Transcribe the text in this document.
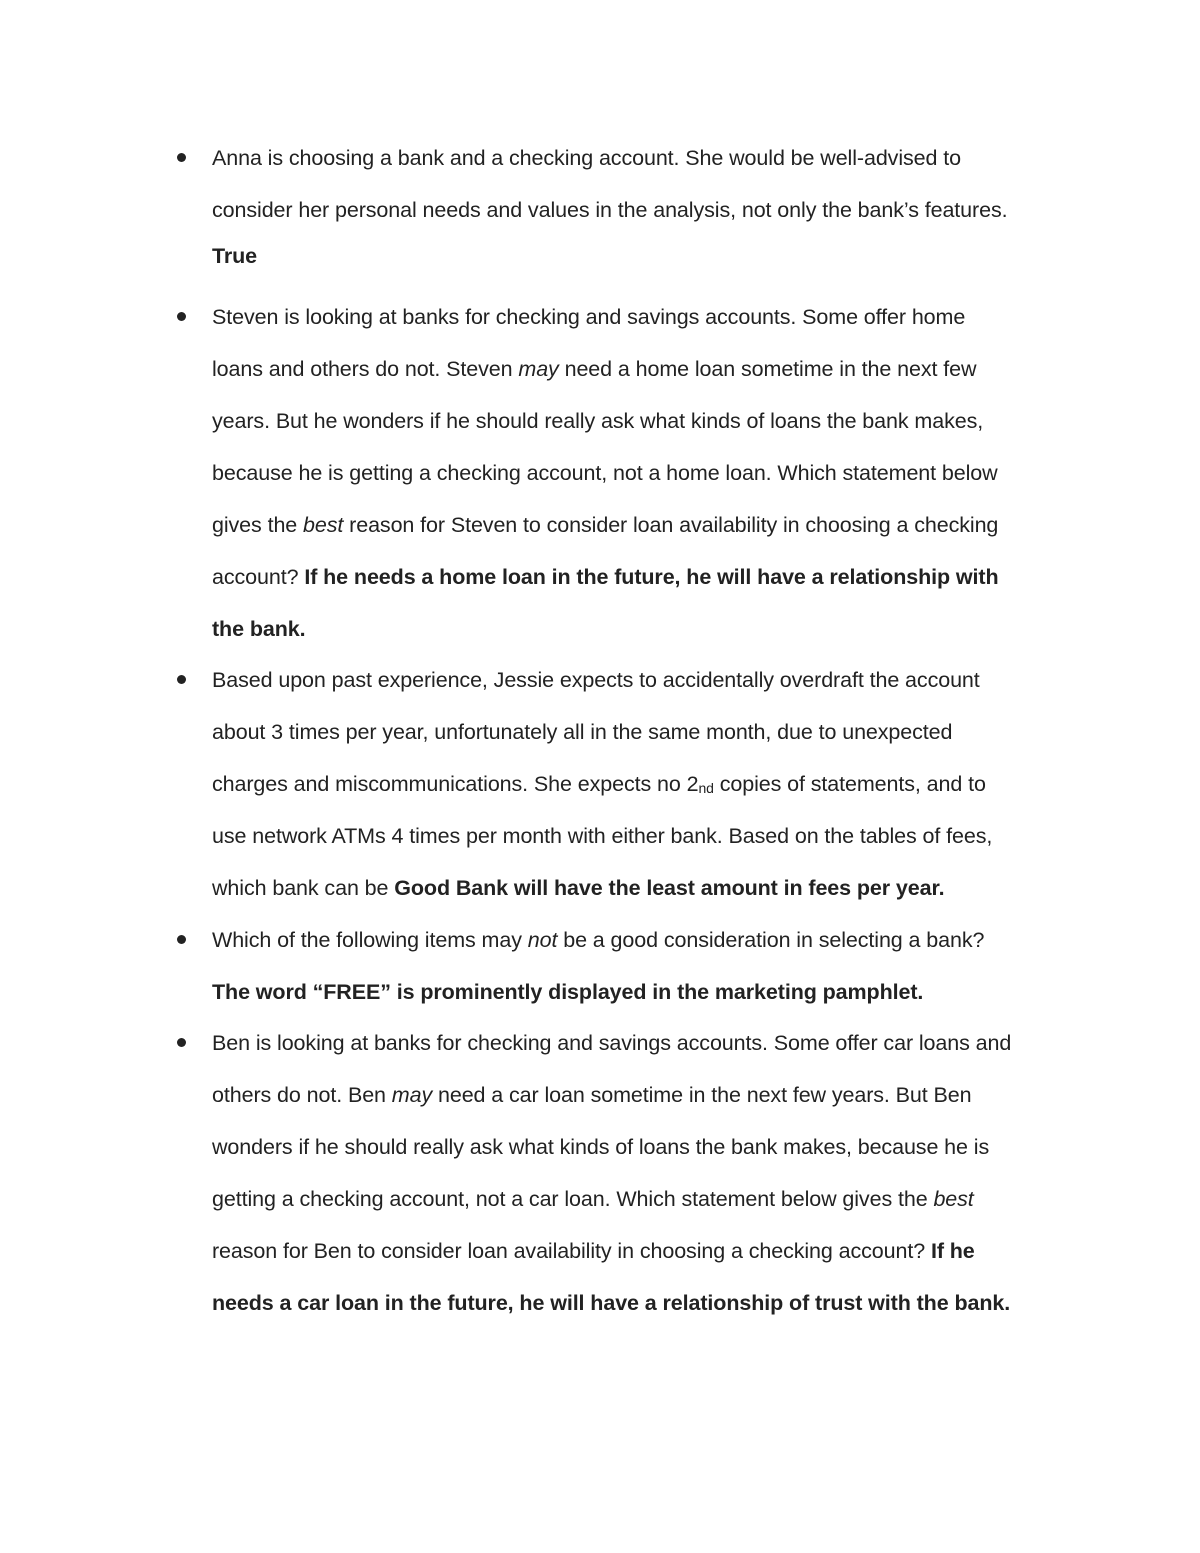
Anna is choosing a bank and a checking account. She would be well-advised to
consider her personal needs and values in the analysis, not only the bank’s features.
True
Steven is looking at banks for checking and savings accounts. Some offer home
loans and others do not. Steven may need a home loan sometime in the next few
years. But he wonders if he should really ask what kinds of loans the bank makes,
because he is getting a checking account, not a home loan. Which statement below
gives the best reason for Steven to consider loan availability in choosing a checking
account? If he needs a home loan in the future, he will have a relationship with
the bank.
Based upon past experience, Jessie expects to accidentally overdraft the account
about 3 times per year, unfortunately all in the same month, due to unexpected
charges and miscommunications. She expects no 2nd copies of statements, and to
use network ATMs 4 times per month with either bank. Based on the tables of fees,
which bank can be Good Bank will have the least amount in fees per year.
Which of the following items may not be a good consideration in selecting a bank?
The word “FREE” is prominently displayed in the marketing pamphlet.
Ben is looking at banks for checking and savings accounts. Some offer car loans and
others do not. Ben may need a car loan sometime in the next few years. But Ben
wonders if he should really ask what kinds of loans the bank makes, because he is
getting a checking account, not a car loan. Which statement below gives the best
reason for Ben to consider loan availability in choosing a checking account? If he
needs a car loan in the future, he will have a relationship of trust with the bank.
